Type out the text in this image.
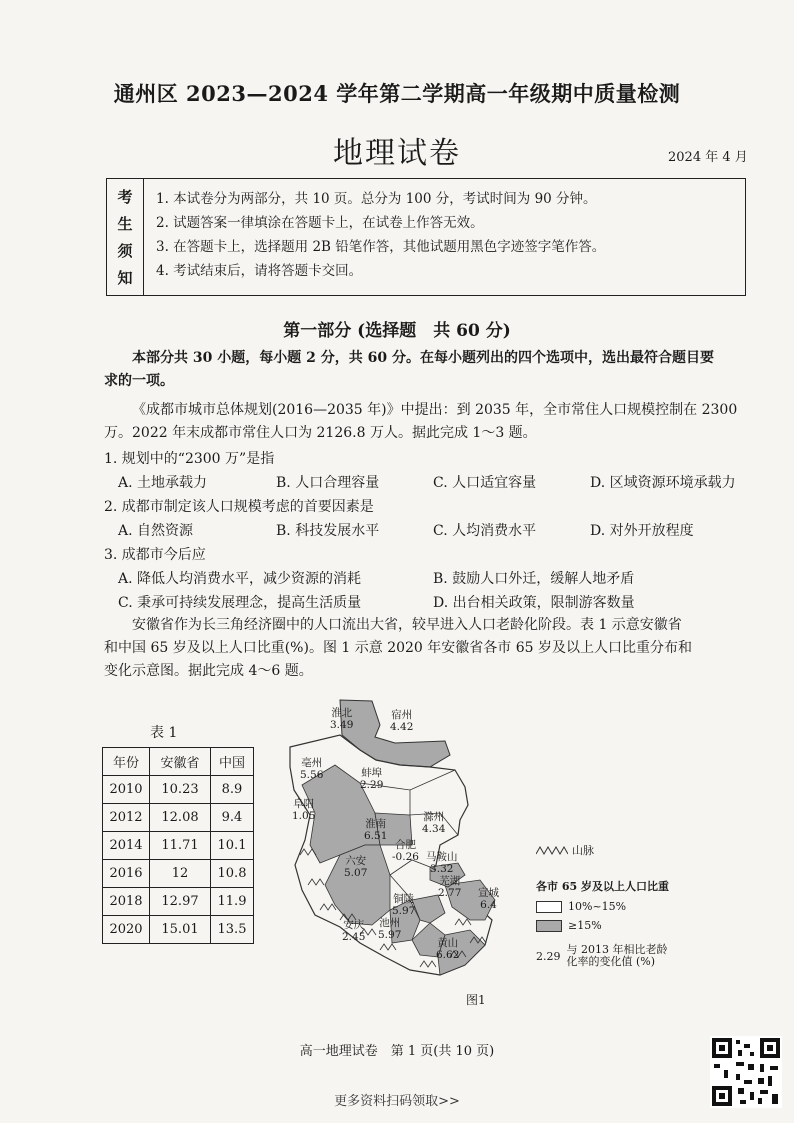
通州区 2023—2024 学年第二学期高一年级期中质量检测
地理试卷	2024 年 4 月
考
生
须
知
1. 本试卷分为两部分，共 10 页。总分为 100 分，考试时间为 90 分钟。
2. 试题答案一律填涂在答题卡上，在试卷上作答无效。
3. 在答题卡上，选择题用 2B 铅笔作答，其他试题用黑色字迹签字笔作答。
4. 考试结束后，请将答题卡交回。
第一部分 (选择题　共 60 分)
本部分共 30 小题，每小题 2 分，共 60 分。在每小题列出的四个选项中，选出最符合题目要
求的一项。
《成都市城市总体规划(2016—2035 年)》中提出：到 2035 年，全市常住人口规模控制在 2300
万。2022 年末成都市常住人口为 2126.8 万人。据此完成 1～3 题。
1. 规划中的“2300 万”是指
A. 土地承载力	B. 人口合理容量	C. 人口适宜容量	D. 区域资源环境承载力
2. 成都市制定该人口规模考虑的首要因素是
A. 自然资源	B. 科技发展水平	C. 人均消费水平	D. 对外开放程度
3. 成都市今后应
A. 降低人均消费水平，减少资源的消耗	B. 鼓励人口外迁，缓解人地矛盾
C. 秉承可持续发展理念，提高生活质量	D. 出台相关政策，限制游客数量
安徽省作为长三角经济圈中的人口流出大省，较早进入人口老龄化阶段。表 1 示意安徽省
和中国 65 岁及以上人口比重(%)。图 1 示意 2020 年安徽省各市 65 岁及以上人口比重分布和
变化示意图。据此完成 4～6 题。
表 1
年份	安徽省	中国
2010	10.23	8.9
2012	12.08	9.4
2014	11.71	10.1
2016	12	10.8
2018	12.97	11.9
2020	15.01	13.5
淮北
3.49
宿州
4.42
亳州
5.56	蚌埠
2.29
阜阳
1.05
淮南
6.51
滁州
4.34
合肥
-0.26
六安
5.07
马鞍山
3.32
芜湖
2.77 宣城
6.4
铜陵
5.97
安庆
2.45
池州
5.97
黄山
6.62
图1
山脉
各市 65 岁及以上人口比重
10%~15%
≥15%
2.29 与 2013 年相比老龄
化率的变化值 (%)
高一地理试卷　第 1 页(共 10 页)
更多资料扫码领取>>
